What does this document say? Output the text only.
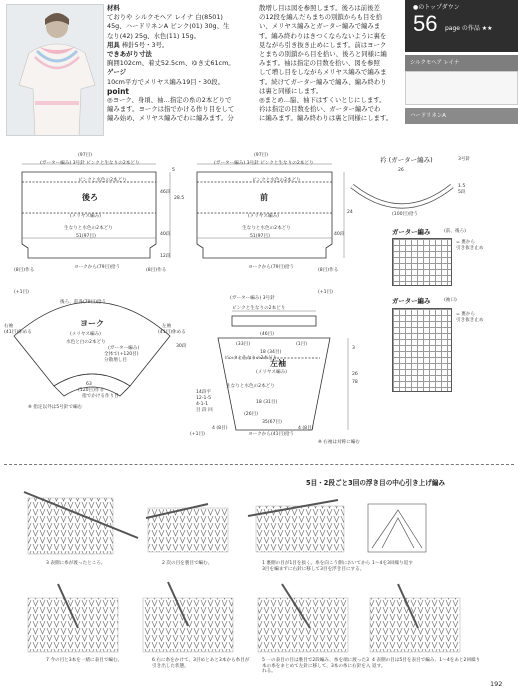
材料
ておりや シルクモヘア レイナ 白(8501)
45g、ハードリネンA ピンク(01) 30g、生
なり(42) 25g、水色(11) 15g。
用具 棒針5号・3号。
できあがり寸法
胸囲102cm、着丈52.5cm、ゆき丈61cm。
ゲージ
10cm平方でメリヤス編み19目・30段。
point
◎ヨーク、身頃、袖…指定の糸の2本どりで
編みます。ヨークは指でかける作り目をして
編み始め、メリヤス編みでわに編みます。分
散増し目は図を参照します。後ろは前後差
の12段を編んだらまちの別鎖からも目を拾
い、メリヤス編みとガーター編みで編みま
す。編み終わりはきつくならないように裏を
見ながら引き抜き止めにします。前はヨーク
とまちの別鎖から目を拾い、後ろと同様に編
みます。袖は指定の目数を拾い、図を参照
して増し目をしながらメリヤス編みで編みま
す。続けてガーター編みで編み、編み終わり
は裏と同様にします。
◎まとめ…脇、袖下はすくいとじにします。
衿は指定の目数を拾い、ガーター編みでわ
に編みます。編み終わりは裏と同様にします。
●のトップダウン
56 page の作品 ★★
シルクモヘア レイナ
ハードリネンA
(97目)
(ガーター編み) 3号針 ピンクと生なりの2本どり
ピンクと水色の2本どり
後ろ
(メリヤス編み)
生なりと水色の2本どり
51(97目)
ヨークから(79目)拾う
(8目)作る	(8目)作る
(+1目)
5
46段
28.5
40段
12段
(97目)
(ガーター編み) 3号針 ピンクと生なりの2本どり
ピンクと水色の2本どり
前
(メリヤス編み)
生なりと水色の2本どり
51(97目)
ヨークから(79目)拾う
(8目)作る
(+1目)
24
40段
衿 (ガーター編み)	3号針
26
(100目)拾う
1.5
5段
後ろ、前各(79目)拾う
右袖	左袖
(41目)休める	(41目)休める
ヨーク
(メリヤス編み)
水色と白の2本どり
(ガーター編み)
全体で(+120目)
分散増し目
63
(120目)作る
指でかける作り目
30段
※ 指定以外は5号針で編む
(ガーター編み) 3号針
ピンクと生なりの2本どり
(46目)
(33目)	(1目)
18 (34目)
ピンクと生なりの2本どり
左袖
(メリヤス編み)
生なりと水色の2本どり
18 (31目)
(26目)
35(67目)
ヨークから(41目)拾う
14段平
12-1-5
4-1-1
目 段 回
4 (8目)	4 (8目)
(+1目)
※ 右袖は対称に編む
3
26
78
ガーター編み	(前、後ろ)
= 裏から
引き抜き止め
ガーター編み	(袖口)
= 裏から
引き抜き止め
5目・2段ごと3回の浮き目の中心引き上げ編み
3 表側に糸が渡ったところ。	2 次の目を裏目で編む。	1 裏側の目が1目を抜く。糸を向こう側においてから3目を編まずに右針に移して3目を浮き目にする。
1〜4を3回繰り返す
7 今の目と3本を一緒に表目で編む。	6 右に糸をかけて、3目めとあと3本から糸目が引き出した状態。
5 一の表目の目は裏目で2段編み、糸を端に渡った3本の糸をまとめて左針に移して、3本の糸に右針を入れる。
4 表側の目は5目を表目で編み、1〜4をあと2回繰り返す。
192
